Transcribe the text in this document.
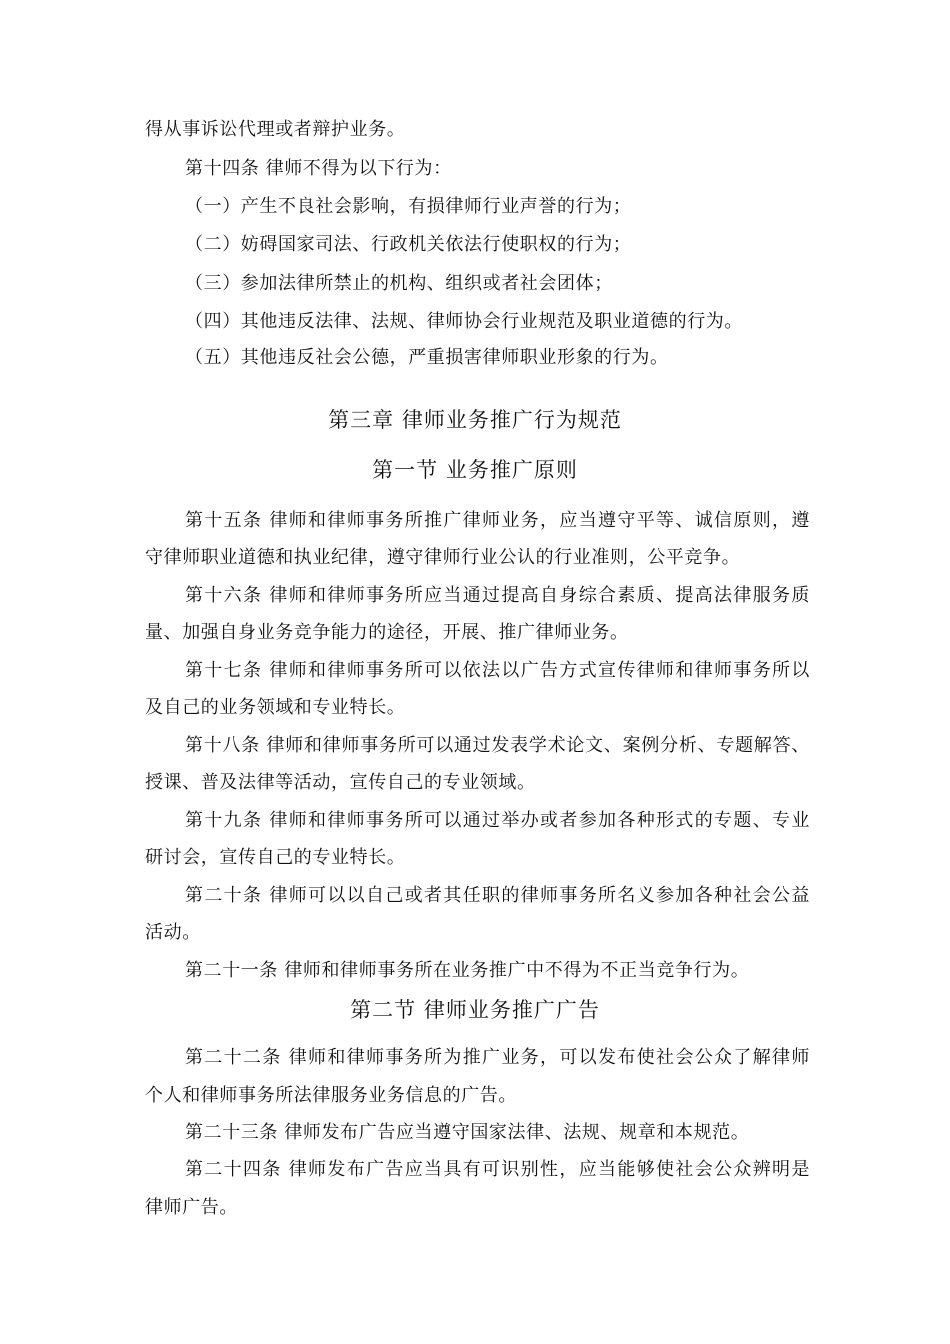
得从事诉讼代理或者辩护业务。
第十四条 律师不得为以下行为：
（一）产生不良社会影响，有损律师行业声誉的行为；
（二）妨碍国家司法、行政机关依法行使职权的行为；
（三）参加法律所禁止的机构、组织或者社会团体；
（四）其他违反法律、法规、律师协会行业规范及职业道德的行为。
（五）其他违反社会公德，严重损害律师职业形象的行为。
第三章 律师业务推广行为规范
第一节 业务推广原则
第十五条 律师和律师事务所推广律师业务，应当遵守平等、诚信原则，遵
守律师职业道德和执业纪律，遵守律师行业公认的行业准则，公平竞争。
第十六条 律师和律师事务所应当通过提高自身综合素质、提高法律服务质
量、加强自身业务竞争能力的途径，开展、推广律师业务。
第十七条 律师和律师事务所可以依法以广告方式宣传律师和律师事务所以
及自己的业务领域和专业特长。
第十八条 律师和律师事务所可以通过发表学术论文、案例分析、专题解答、
授课、普及法律等活动，宣传自己的专业领域。
第十九条 律师和律师事务所可以通过举办或者参加各种形式的专题、专业
研讨会，宣传自己的专业特长。
第二十条 律师可以以自己或者其任职的律师事务所名义参加各种社会公益
活动。
第二十一条 律师和律师事务所在业务推广中不得为不正当竞争行为。
第二节 律师业务推广广告
第二十二条 律师和律师事务所为推广业务，可以发布使社会公众了解律师
个人和律师事务所法律服务业务信息的广告。
第二十三条 律师发布广告应当遵守国家法律、法规、规章和本规范。
第二十四条 律师发布广告应当具有可识别性，应当能够使社会公众辨明是
律师广告。
